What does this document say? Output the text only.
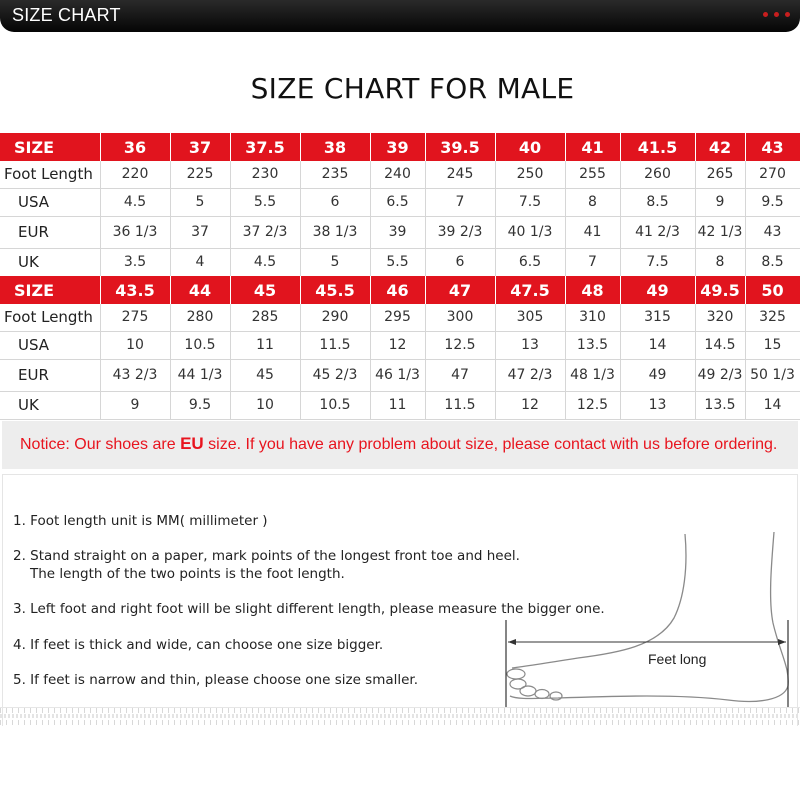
SIZE CHART
SIZE CHART FOR MALE
SIZE	36	37	37.5	38	39	39.5	40	41	41.5	42	43
Foot Length	220	225	230	235	240	245	250	255	260	265	270
USA	4.5	5	5.5	6	6.5	7	7.5	8	8.5	9	9.5
EUR	36 1/3	37	37 2/3	38 1/3	39	39 2/3	40 1/3	41	41 2/3	42 1/3	43
UK	3.5	4	4.5	5	5.5	6	6.5	7	7.5	8	8.5
SIZE	43.5	44	45	45.5	46	47	47.5	48	49	49.5	50
Foot Length	275	280	285	290	295	300	305	310	315	320	325
USA	10	10.5	11	11.5	12	12.5	13	13.5	14	14.5	15
EUR	43 2/3	44 1/3	45	45 2/3	46 1/3	47	47 2/3	48 1/3	49	49 2/3	50 1/3
UK	9	9.5	10	10.5	11	11.5	12	12.5	13	13.5	14
Notice: Our shoes are EU size. If you have any problem about size, please contact with us before ordering.
1. Foot length unit is MM( millimeter )
2. Stand straight on a paper, mark points of the longest front toe and heel.
The length of the two points is the foot length.
3. Left foot and right foot will be slight different length, please measure the bigger one.
4. If feet is thick and wide, can choose one size bigger.
5. If feet is narrow and thin, please choose one size smaller.
Feet long
